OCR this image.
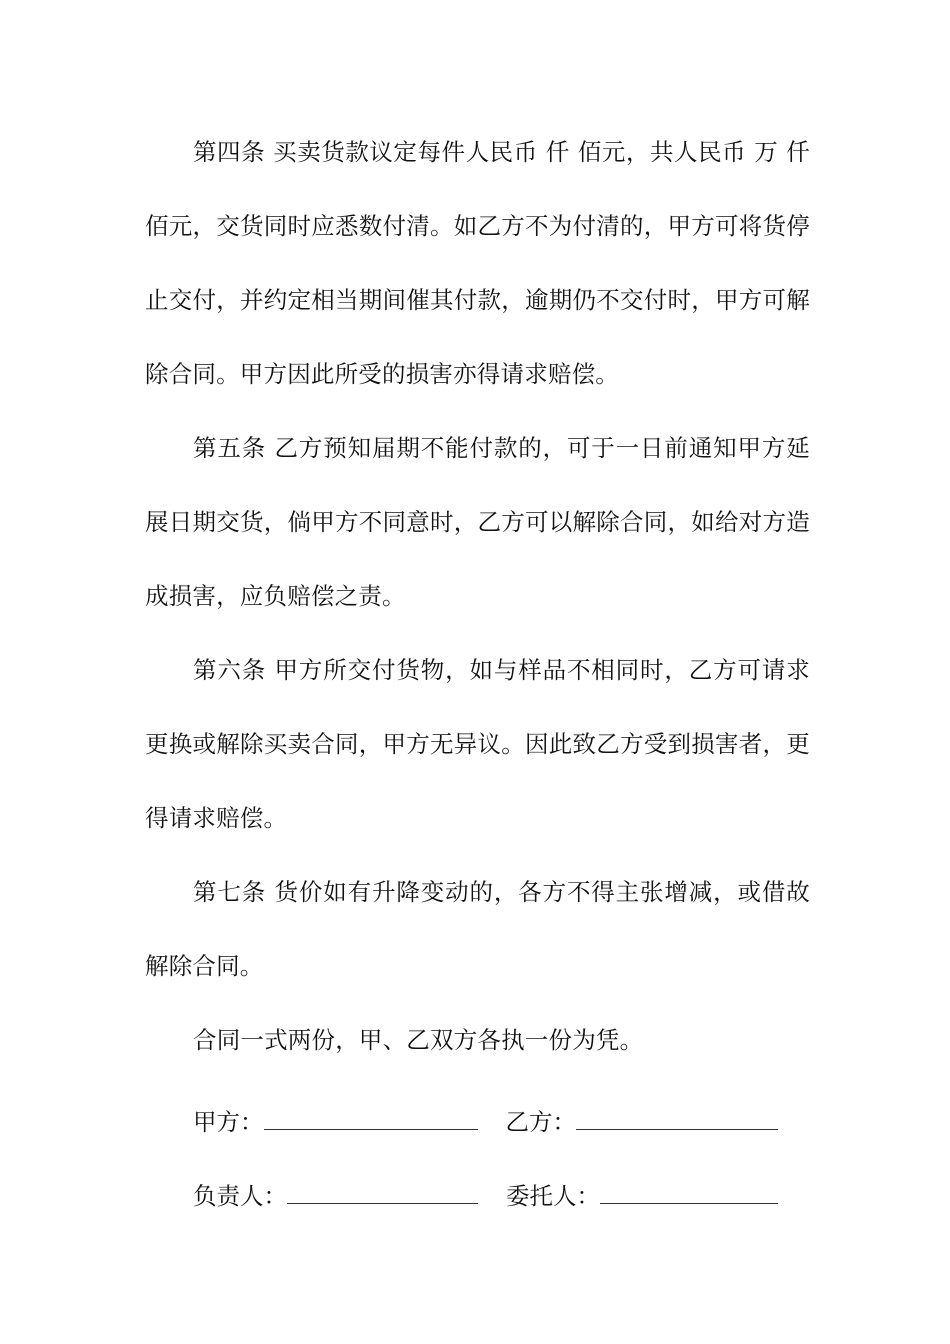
第四条 买卖货款议定每件人民币 仟 佰元，共人民币 万 仟 佰元，交货同时应悉数付清。如乙方不为付清的，甲方可将货停止交付，并约定相当期间催其付款，逾期仍不交付时，甲方可解除合同。甲方因此所受的损害亦得请求赔偿。

第五条 乙方预知届期不能付款的，可于一日前通知甲方延展日期交货，倘甲方不同意时，乙方可以解除合同，如给对方造成损害，应负赔偿之责。

第六条 甲方所交付货物，如与样品不相同时，乙方可请求更换或解除买卖合同，甲方无异议。因此致乙方受到损害者，更得请求赔偿。

第七条 货价如有升降变动的，各方不得主张增减，或借故解除合同。

合同一式两份，甲、乙双方各执一份为凭。

甲方：	乙方：
负责人：	委托人：
